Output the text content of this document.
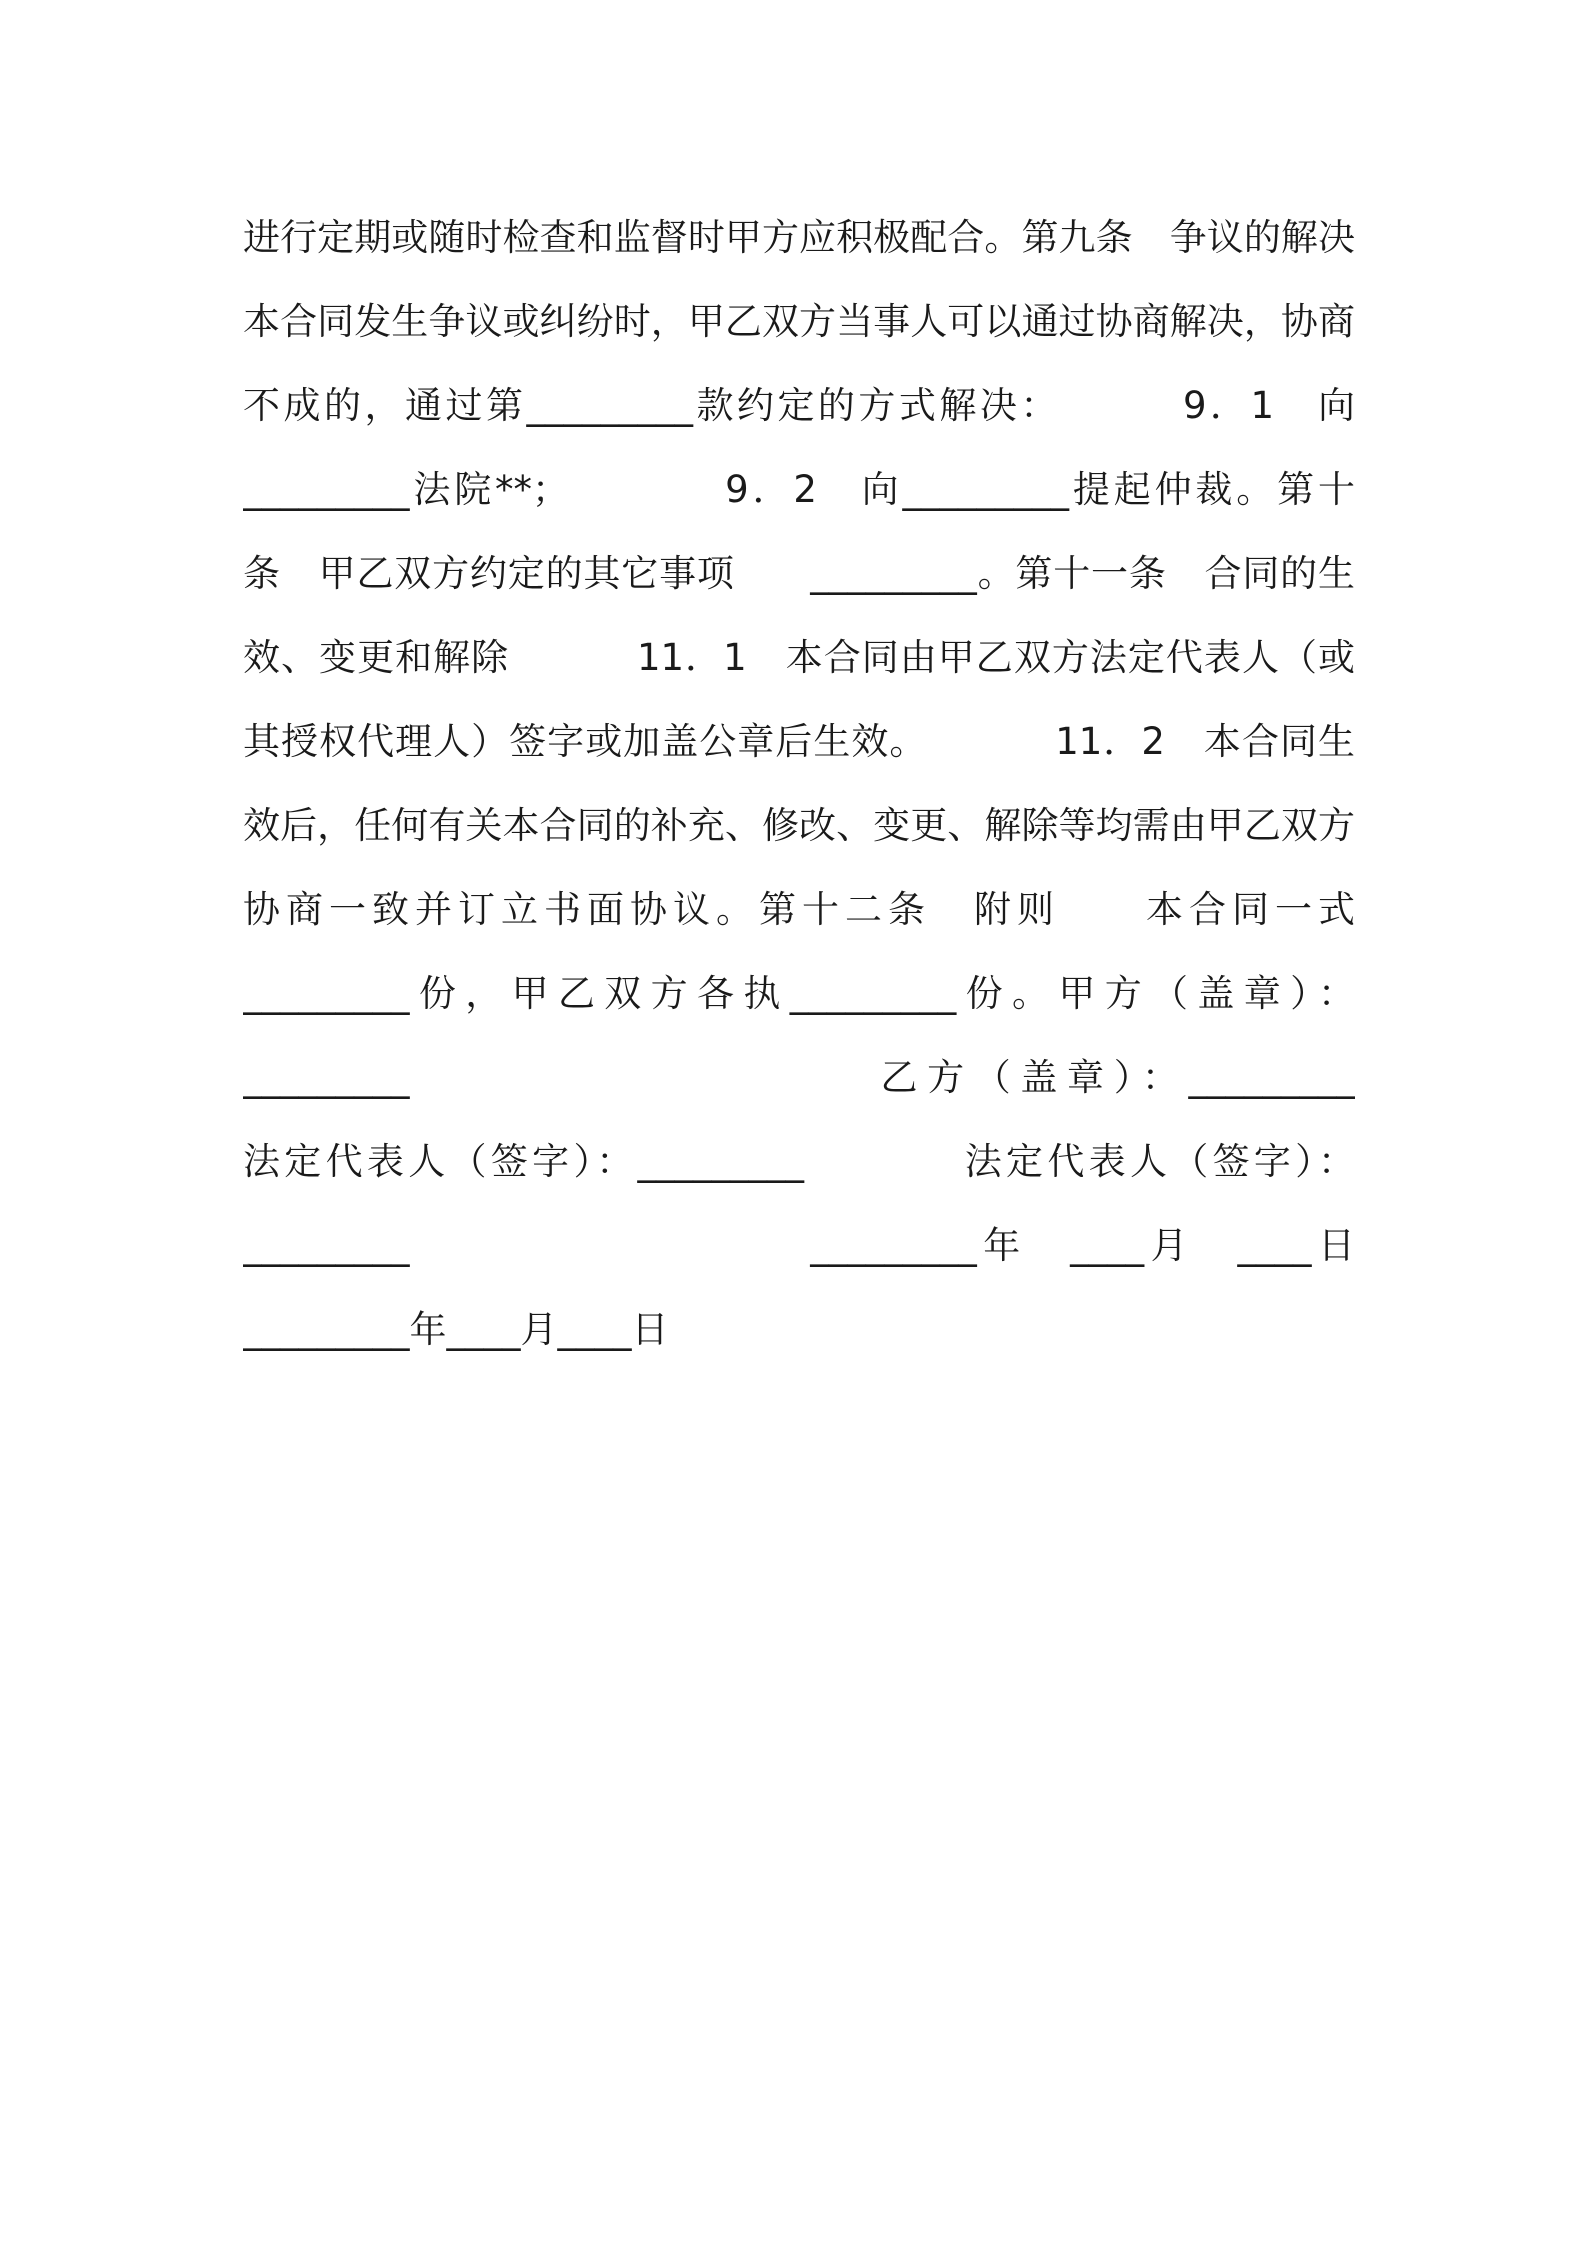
进行定期或随时检查和监督时甲方应积极配合。第九条　争议的解决
本合同发生争议或纠纷时，甲乙双方当事人可以通过协商解决，协商
不成的，通过第_________款约定的方式解决：        9．1　向
_________法院**；          9．2　向_________提起仲裁。第十
条　甲乙双方约定的其它事项      _________。第十一条　合同的生
效、变更和解除          11．1　本合同由甲乙双方法定代表人（或
其授权代理人）签字或加盖公章后生效。          11．2　本合同生
效后，任何有关本合同的补充、修改、变更、解除等均需由甲乙双方
协商一致并订立书面协议。第十二条　附则　　本合同一式
_________份，甲乙双方各执_________份。甲方（盖章）：
_________                      乙方（盖章）：_________
法定代表人（签字）：_________          法定代表人（签字）：
_________                      _________年　____月　____日
_________年____月____日
